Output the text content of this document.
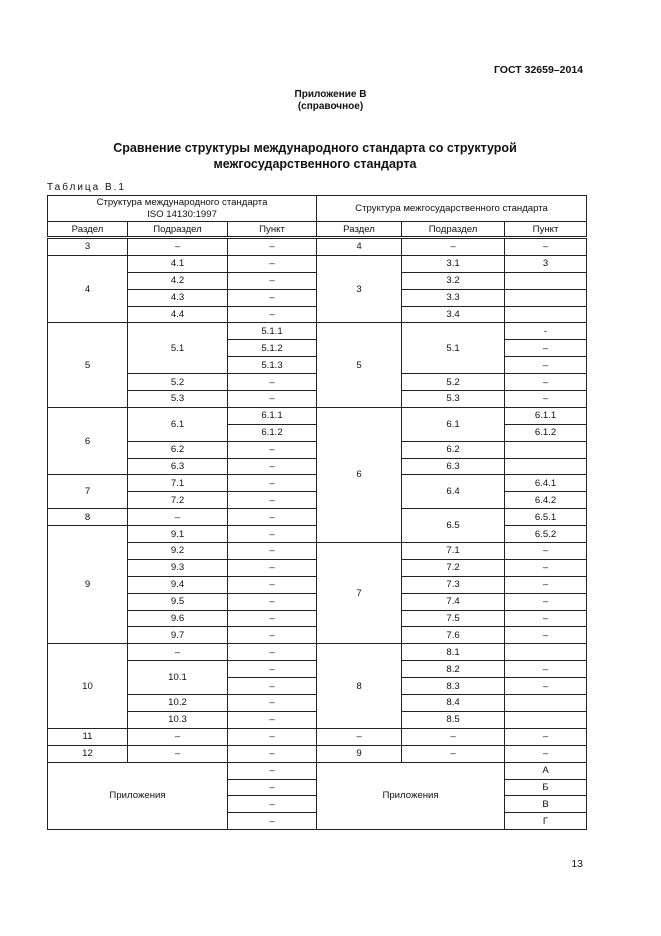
ГОСТ 32659–2014
Приложение В
(справочное)
Сравнение структуры международного стандарта со структурой
межгосударственного стандарта
Таблица В.1
Структура международного стандарта
ISO 14130:1997			Структура межгосударственного стандарта		
Раздел	Подраздел	Пункт	Раздел	Подраздел	Пункт
3	–	–	4	–	–
4	4.1	–	3	3.1	3
	4.2	–		3.2	
	4.3	–		3.3	
	4.4	–		3.4	
5	5.1	5.1.1	5	5.1	-
		5.1.2			–
		5.1.3			–
	5.2	–		5.2	–
	5.3	–		5.3	–
6	6.1	6.1.1	6	6.1	6.1.1
		6.1.2			6.1.2
	6.2	–		6.2	
	6.3	–		6.3	
7	7.1	–		6.4	6.4.1
	7.2	–			6.4.2
8	–	–		6.5	6.5.1
9	9.1	–			6.5.2
	9.2	–	7	7.1	–
	9.3	–		7.2	–
	9.4	–		7.3	–
	9.5	–		7.4	–
	9.6	–		7.5	–
	9.7	–		7.6	–
10	–	–	8	8.1	
	10.1	–		8.2	–
		–		8.3	–
	10.2	–		8.4	
	10.3	–		8.5	
11	–	–	–	–	–
12	–	–	9	–	–
Приложения		–	Приложения		А
		–			Б
		–			В
		–			Г
13
